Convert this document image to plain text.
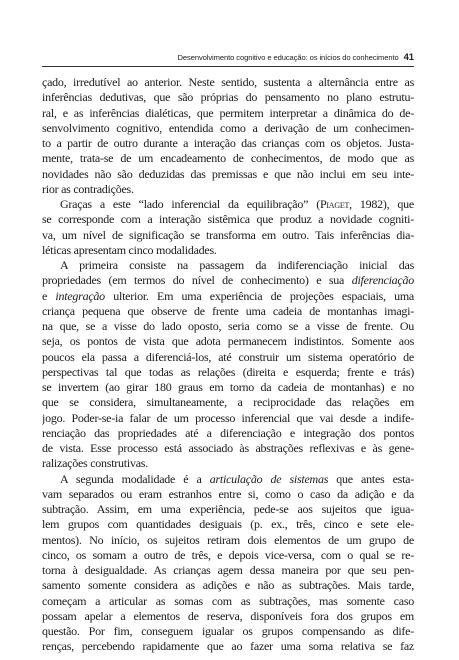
Desenvolvimento cognitivo e educação: os inícios do conhecimento 41
çado, irredutível ao anterior. Neste sentido, sustenta a alternância entre as
inferências dedutivas, que são próprias do pensamento no plano estrutu-
ral, e as inferências dialéticas, que permitem interpretar a dinâmica do de-
senvolvimento cognitivo, entendida como a derivação de um conhecimen-
to a partir de outro durante a interação das crianças com os objetos. Justa-
mente, trata-se de um encadeamento de conhecimentos, de modo que as
novidades não são deduzidas das premissas e que não inclui em seu inte-
rior as contradições.
Graças a este “lado inferencial da equilibração” (Piaget, 1982), que
se corresponde com a interação sistêmica que produz a novidade cogniti-
va, um nível de significação se transforma em outro. Tais inferências dia-
léticas apresentam cinco modalidades.
A primeira consiste na passagem da indiferenciação inicial das
propriedades (em termos do nível de conhecimento) e sua diferenciação
e integração ulterior. Em uma experiência de projeções espaciais, uma
criança pequena que observe de frente uma cadeia de montanhas imagi-
na que, se a visse do lado oposto, seria como se a visse de frente. Ou
seja, os pontos de vista que adota permanecem indistintos. Somente aos
poucos ela passa a diferenciá-los, até construir um sistema operatório de
perspectivas tal que todas as relações (direita e esquerda; frente e trás)
se invertem (ao girar 180 graus em torno da cadeia de montanhas) e no
que se considera, simultaneamente, a reciprocidade das relações em
jogo. Poder-se-ia falar de um processo inferencial que vai desde a indife-
renciação das propriedades até a diferenciação e integração dos pontos
de vista. Esse processo está associado às abstrações reflexivas e às gene-
ralizações construtivas.
A segunda modalidade é a articulação de sistemas que antes esta-
vam separados ou eram estranhos entre si, como o caso da adição e da
subtração. Assim, em uma experiência, pede-se aos sujeitos que igua-
lem grupos com quantidades desiguais (p. ex., três, cinco e sete ele-
mentos). No início, os sujeitos retiram dois elementos de um grupo de
cinco, os somam a outro de três, e depois vice-versa, com o qual se re-
torna à desigualdade. As crianças agem dessa maneira por que seu pen-
samento somente considera as adições e não as subtrações. Mais tarde,
começam a articular as somas com as subtrações, mas somente caso
possam apelar a elementos de reserva, disponíveis fora dos grupos em
questão. Por fim, conseguem igualar os grupos compensando as dife-
renças, percebendo rapidamente que ao fazer uma soma relativa se faz
